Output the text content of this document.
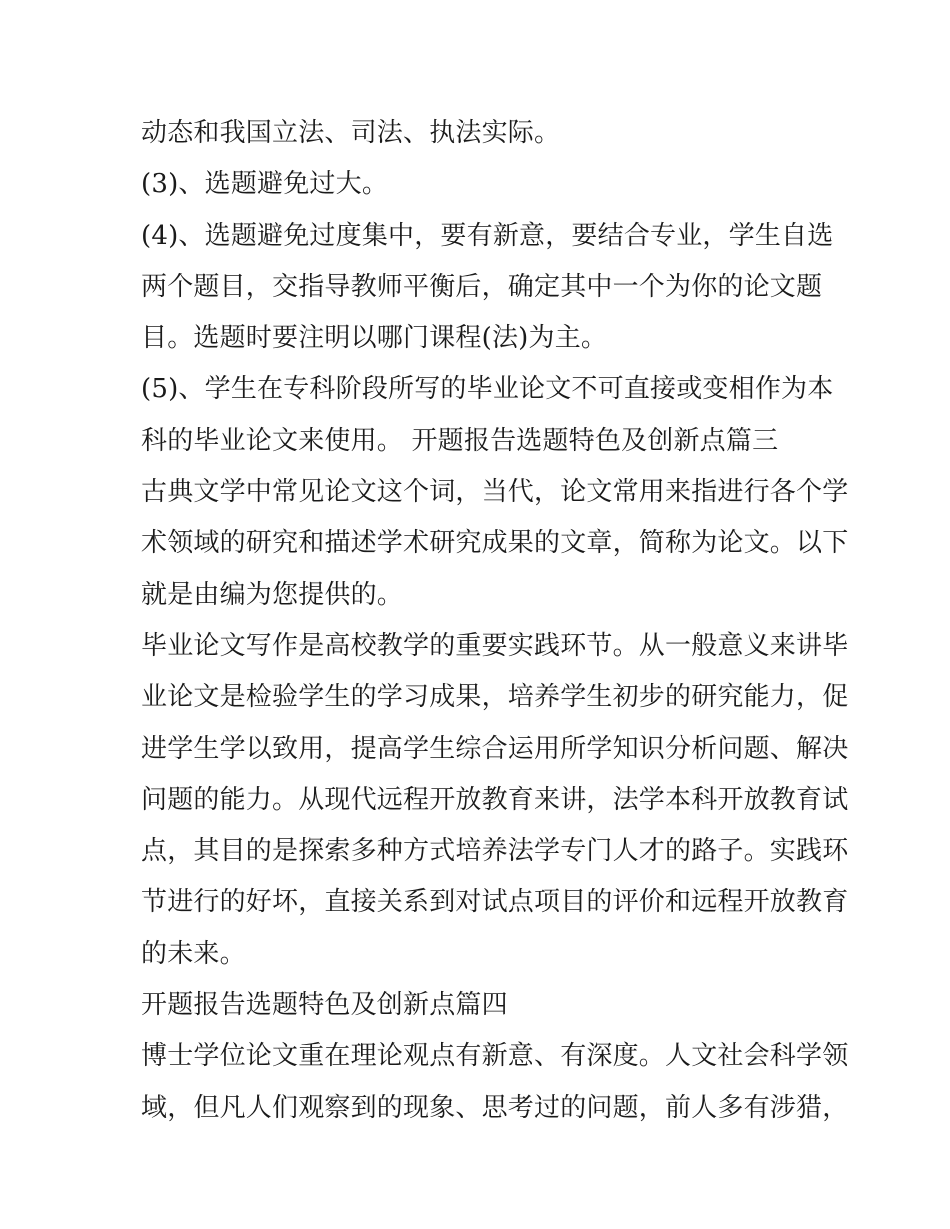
动态和我国立法、司法、执法实际。
(3)、选题避免过大。
(4)、选题避免过度集中，要有新意，要结合专业，学生自选
两个题目，交指导教师平衡后，确定其中一个为你的论文题
目。选题时要注明以哪门课程(法)为主。
(5)、学生在专科阶段所写的毕业论文不可直接或变相作为本
科的毕业论文来使用。 开题报告选题特色及创新点篇三
古典文学中常见论文这个词，当代，论文常用来指进行各个学
术领域的研究和描述学术研究成果的文章，简称为论文。以下
就是由编为您提供的。
毕业论文写作是高校教学的重要实践环节。从一般意义来讲毕
业论文是检验学生的学习成果，培养学生初步的研究能力，促
进学生学以致用，提高学生综合运用所学知识分析问题、解决
问题的能力。从现代远程开放教育来讲，法学本科开放教育试
点，其目的是探索多种方式培养法学专门人才的路子。实践环
节进行的好坏，直接关系到对试点项目的评价和远程开放教育
的未来。
开题报告选题特色及创新点篇四
博士学位论文重在理论观点有新意、有深度。人文社会科学领
域，但凡人们观察到的现象、思考过的问题，前人多有涉猎，
